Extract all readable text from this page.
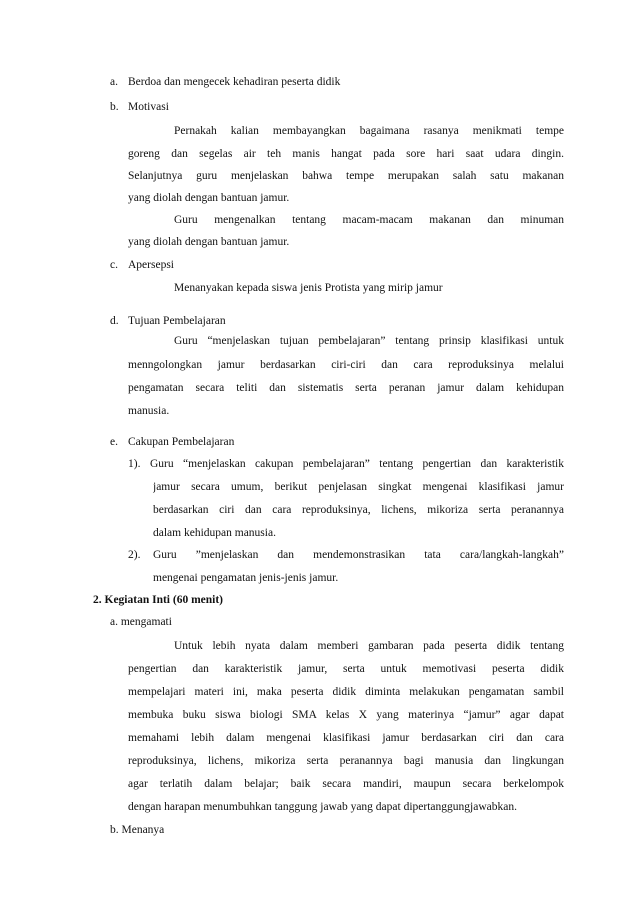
a. Berdoa dan mengecek kehadiran peserta didik
b. Motivasi
Pernakah kalian membayangkan bagaimana rasanya menikmati tempe
goreng dan segelas air teh manis hangat pada sore hari saat udara dingin.
Selanjutnya guru menjelaskan bahwa tempe merupakan salah satu makanan
yang diolah dengan bantuan jamur.
Guru mengenalkan tentang macam-macam makanan dan minuman
yang diolah dengan bantuan jamur.
c. Apersepsi
Menanyakan kepada siswa jenis Protista yang mirip jamur
d. Tujuan Pembelajaran
Guru “menjelaskan tujuan pembelajaran” tentang prinsip klasifikasi untuk
menngolongkan jamur berdasarkan ciri-ciri dan cara reproduksinya melalui
pengamatan secara teliti dan sistematis serta peranan jamur dalam kehidupan
manusia.
e. Cakupan Pembelajaran
1). Guru “menjelaskan cakupan pembelajaran” tentang pengertian dan karakteristik
jamur secara umum, berikut penjelasan singkat mengenai klasifikasi jamur
berdasarkan ciri dan cara reproduksinya, lichens, mikoriza serta peranannya
dalam kehidupan manusia.
2). Guru ”menjelaskan dan mendemonstrasikan tata cara/langkah-langkah”
mengenai pengamatan jenis-jenis jamur.
2. Kegiatan Inti (60 menit)
a. mengamati
Untuk lebih nyata dalam memberi gambaran pada peserta didik tentang
pengertian dan karakteristik jamur, serta untuk memotivasi peserta didik
mempelajari materi ini, maka peserta didik diminta melakukan pengamatan sambil
membuka buku siswa biologi SMA kelas X yang materinya “jamur” agar dapat
memahami lebih dalam mengenai klasifikasi jamur berdasarkan ciri dan cara
reproduksinya, lichens, mikoriza serta peranannya bagi manusia dan lingkungan
agar terlatih dalam belajar; baik secara mandiri, maupun secara berkelompok
dengan harapan menumbuhkan tanggung jawab yang dapat dipertanggungjawabkan.
b. Menanya
